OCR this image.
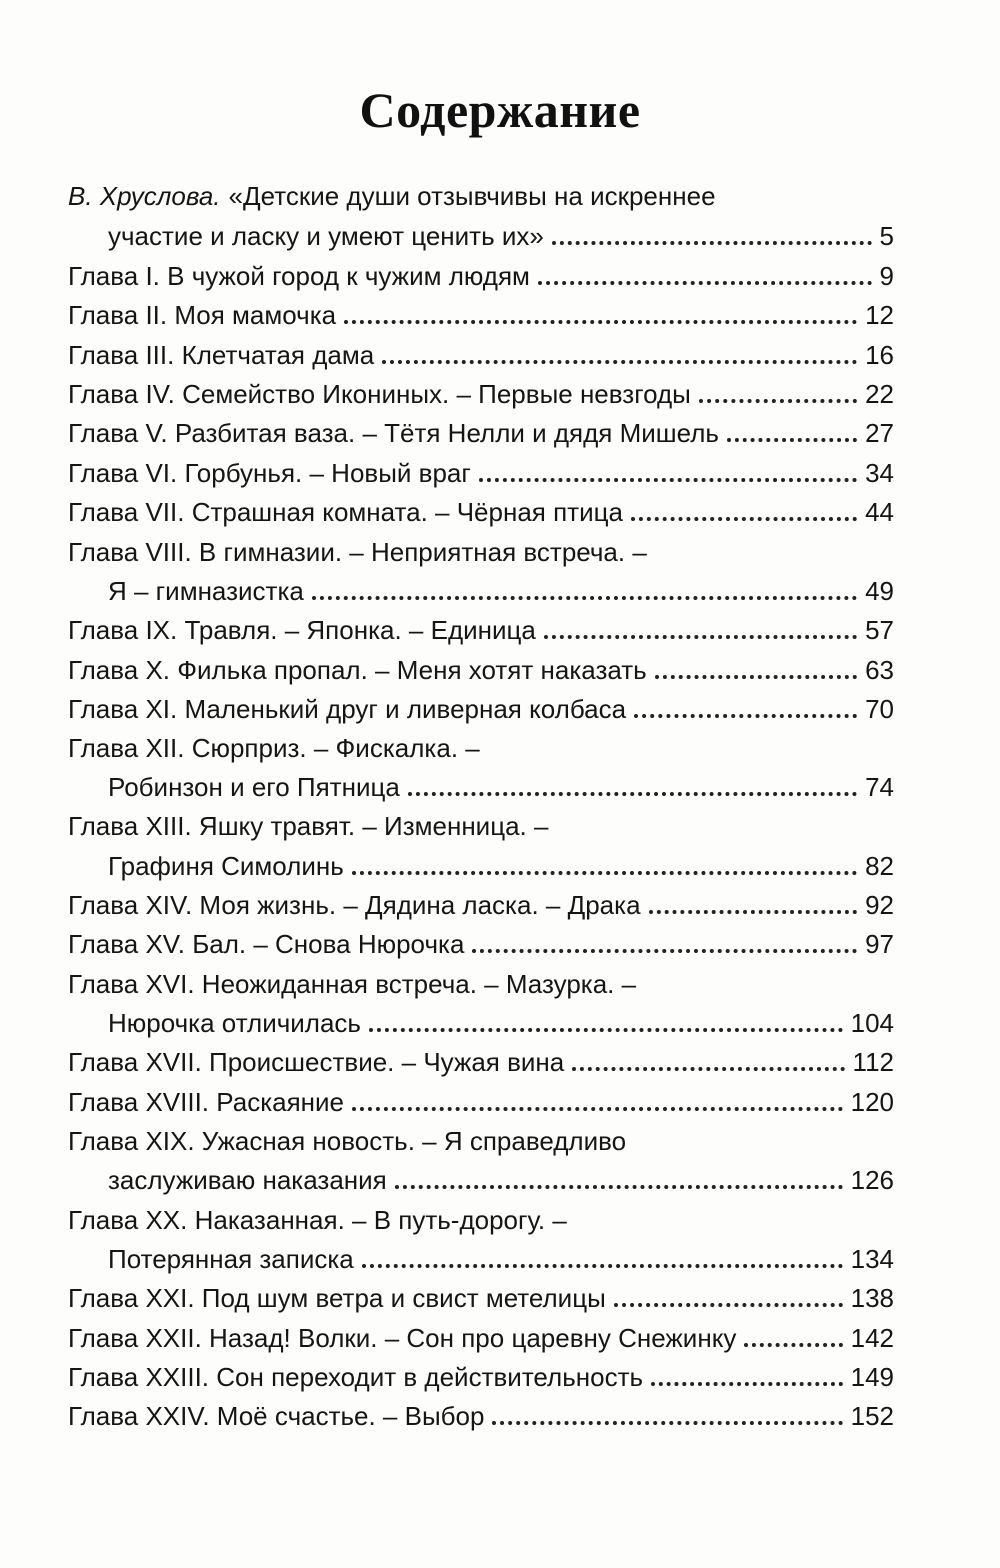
Содержание
В. Хруслова. «Детские души отзывчивы на искреннее
участие и ласку и умеют ценить их»	5
Глава I. В чужой город к чужим людям	9
Глава II. Моя мамочка	12
Глава III. Клетчатая дама	16
Глава IV. Семейство Икониных. – Первые невзгоды	22
Глава V. Разбитая ваза. – Тётя Нелли и дядя Мишель	27
Глава VI. Горбунья. – Новый враг	34
Глава VII. Страшная комната. – Чёрная птица	44
Глава VIII. В гимназии. – Неприятная встреча. –
Я – гимназистка	49
Глава IX. Травля. – Японка. – Единица	57
Глава X. Филька пропал. – Меня хотят наказать	63
Глава XI. Маленький друг и ливерная колбаса	70
Глава XII. Сюрприз. – Фискалка. –
Робинзон и его Пятница	74
Глава XIII. Яшку травят. – Изменница. –
Графиня Симолинь	82
Глава XIV. Моя жизнь. – Дядина ласка. – Драка	92
Глава XV. Бал. – Снова Нюрочка	97
Глава XVI. Неожиданная встреча. – Мазурка. –
Нюрочка отличилась	104
Глава XVII. Происшествие. – Чужая вина	112
Глава XVIII. Раскаяние	120
Глава XIX. Ужасная новость. – Я справедливо
заслуживаю наказания	126
Глава XX. Наказанная. – В путь-дорогу. –
Потерянная записка	134
Глава XXI. Под шум ветра и свист метелицы	138
Глава XXII. Назад! Волки. – Сон про царевну Снежинку	142
Глава XXIII. Сон переходит в действительность	149
Глава XXIV. Моё счастье. – Выбор	152
